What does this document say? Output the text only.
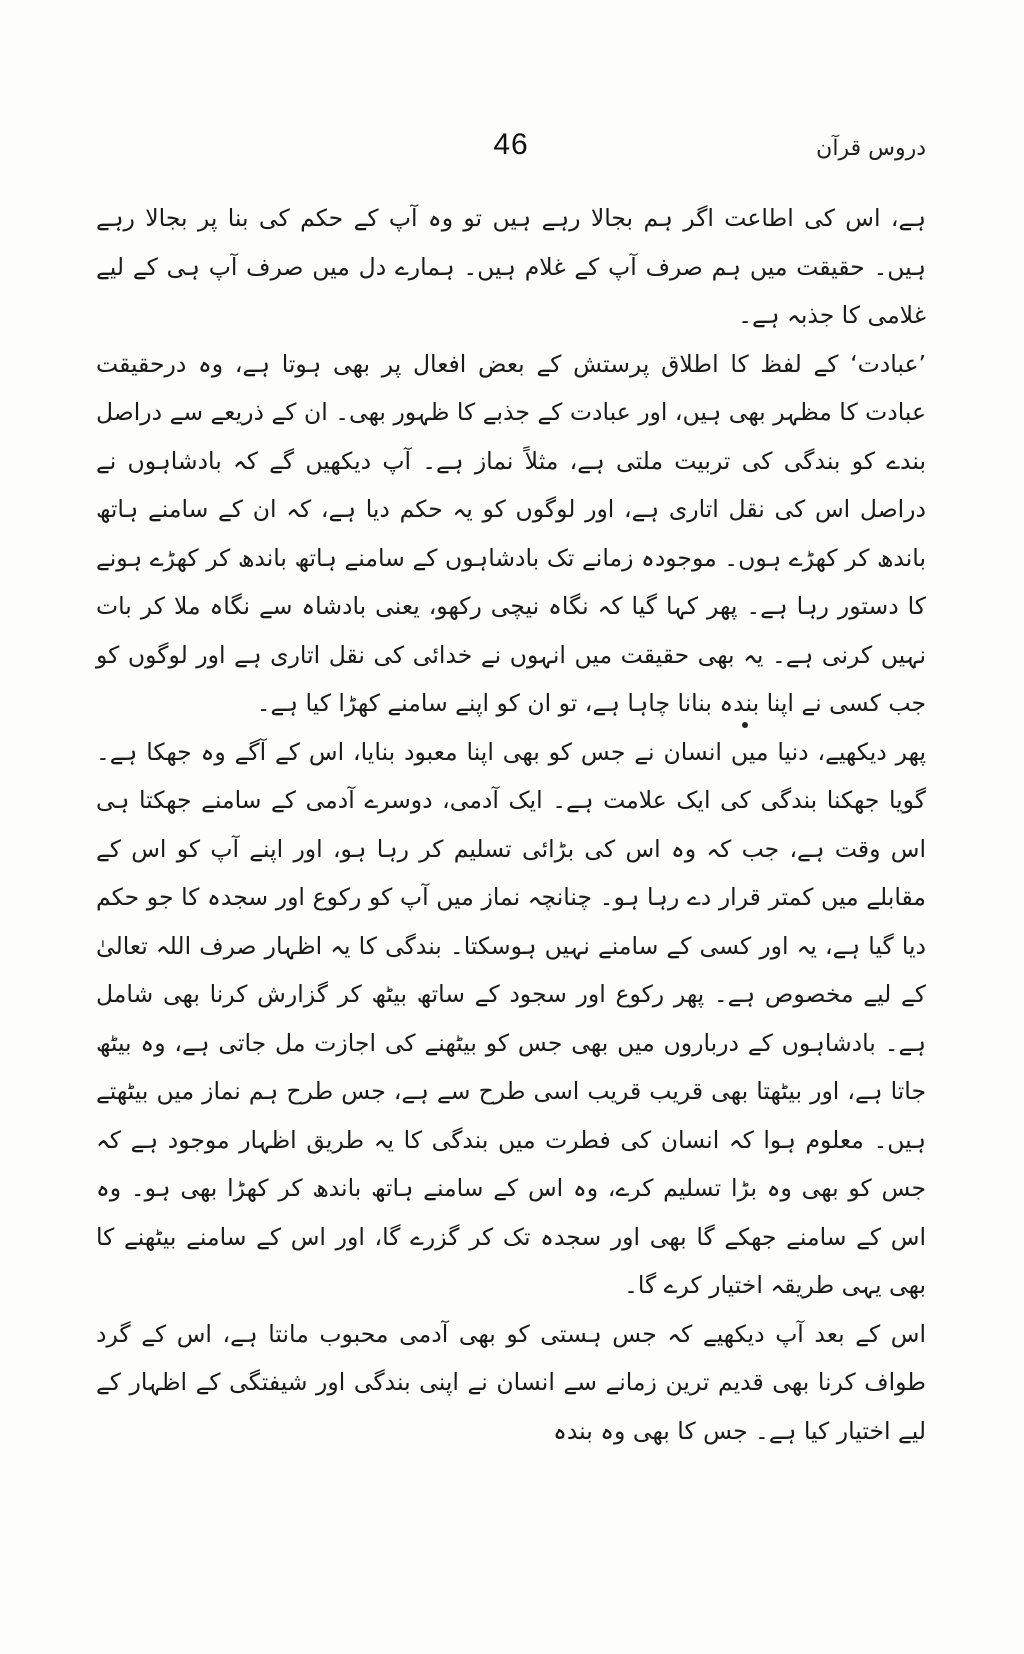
46	دروس قرآن

ہے، اس کی اطاعت اگر ہم بجالا رہے ہیں تو وہ آپ کے حکم کی بنا پر بجالا رہے ہیں۔ حقیقت میں ہم صرف آپ کے غلام ہیں۔ ہمارے دل میں صرف آپ ہی کے لیے غلامی کا جذبہ ہے۔

’عبادت‘ کے لفظ کا اطلاق پرستش کے بعض افعال پر بھی ہوتا ہے، وہ درحقیقت عبادت کا مظہر بھی ہیں، اور عبادت کے جذبے کا ظہور بھی۔ ان کے ذریعے سے دراصل بندے کو بندگی کی تربیت ملتی ہے، مثلاً نماز ہے۔ آپ دیکھیں گے کہ بادشاہوں نے دراصل اس کی نقل اتاری ہے، اور لوگوں کو یہ حکم دیا ہے، کہ ان کے سامنے ہاتھ باندھ کر کھڑے ہوں۔ موجودہ زمانے تک بادشاہوں کے سامنے ہاتھ باندھ کر کھڑے ہونے کا دستور رہا ہے۔ پھر کہا گیا کہ نگاہ نیچی رکھو، یعنی بادشاہ سے نگاہ ملا کر بات نہیں کرنی ہے۔ یہ بھی حقیقت میں انہوں نے خدائی کی نقل اتاری ہے اور لوگوں کو جب کسی نے اپنا بندہ بنانا چاہا ہے، تو ان کو اپنے سامنے کھڑا کیا ہے۔

پھر دیکھیے، دنیا میں انسان نے جس کو بھی اپنا معبود بنایا، اس کے آگے وہ جھکا ہے۔ گویا جھکنا بندگی کی ایک علامت ہے۔ ایک آدمی، دوسرے آدمی کے سامنے جھکتا ہی اس وقت ہے، جب کہ وہ اس کی بڑائی تسلیم کر رہا ہو، اور اپنے آپ کو اس کے مقابلے میں کمتر قرار دے رہا ہو۔ چنانچہ نماز میں آپ کو رکوع اور سجدہ کا جو حکم دیا گیا ہے، یہ اور کسی کے سامنے نہیں ہوسکتا۔ بندگی کا یہ اظہار صرف اللہ تعالیٰ کے لیے مخصوص ہے۔ پھر رکوع اور سجود کے ساتھ بیٹھ کر گزارش کرنا بھی شامل ہے۔ بادشاہوں کے درباروں میں بھی جس کو بیٹھنے کی اجازت مل جاتی ہے، وہ بیٹھ جاتا ہے، اور بیٹھتا بھی قریب قریب اسی طرح سے ہے، جس طرح ہم نماز میں بیٹھتے ہیں۔ معلوم ہوا کہ انسان کی فطرت میں بندگی کا یہ طریق اظہار موجود ہے کہ جس کو بھی وہ بڑا تسلیم کرے، وہ اس کے سامنے ہاتھ باندھ کر کھڑا بھی ہو۔ وہ اس کے سامنے جھکے گا بھی اور سجدہ تک کر گزرے گا، اور اس کے سامنے بیٹھنے کا بھی یہی طریقہ اختیار کرے گا۔

اس کے بعد آپ دیکھیے کہ جس ہستی کو بھی آدمی محبوب مانتا ہے، اس کے گرد طواف کرنا بھی قدیم ترین زمانے سے انسان نے اپنی بندگی اور شیفتگی کے اظہار کے لیے اختیار کیا ہے۔ جس کا بھی وہ بندہ
